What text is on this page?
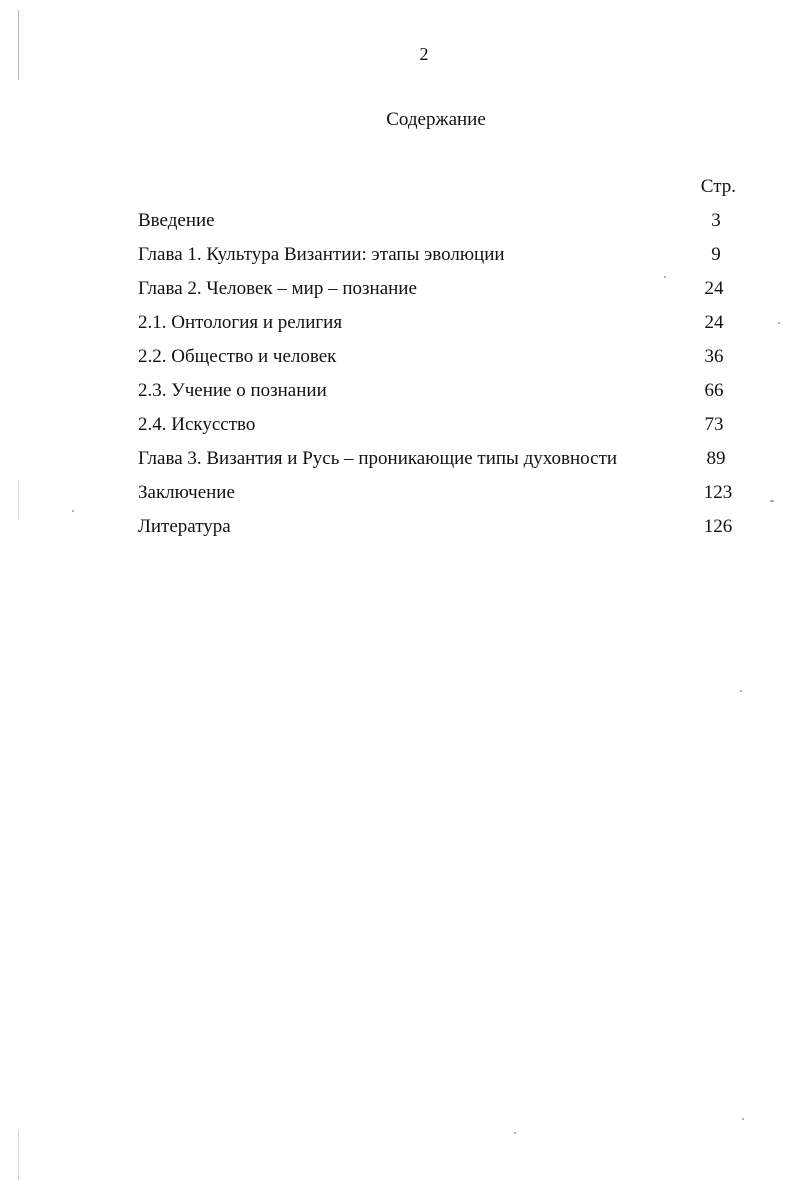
2
Содержание
Стр.
Введение	3
Глава 1. Культура Византии: этапы эволюции	9
Глава 2. Человек – мир – познание	24
2.1. Онтология и религия	24
2.2. Общество и человек	36
2.3. Учение о познании	66
2.4. Искусство	73
Глава 3. Византия и Русь – проникающие типы духовности	89
Заключение	123
Литература	126
